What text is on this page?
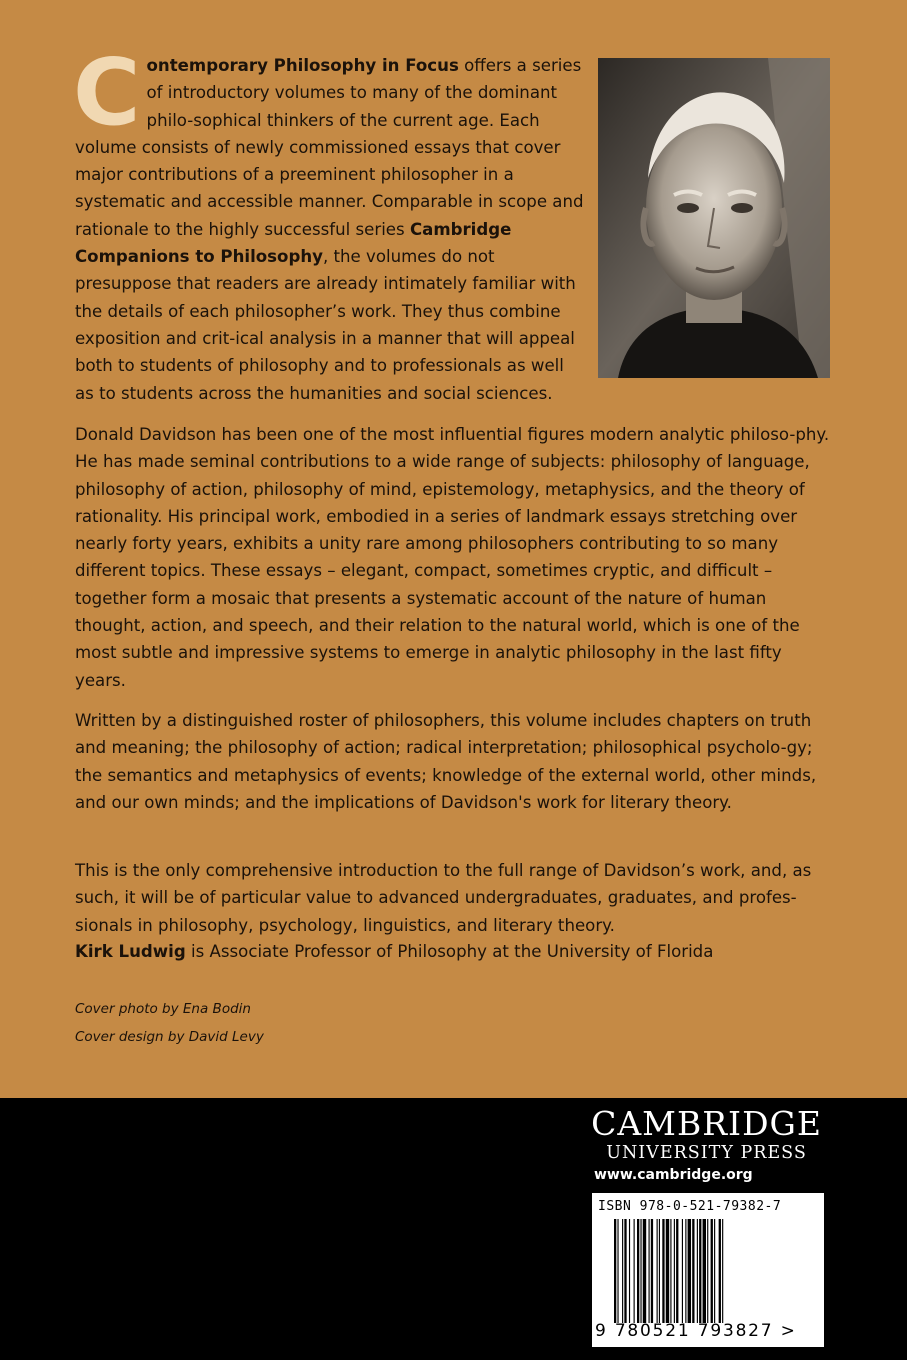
Contemporary Philosophy in Focus offers a series of introductory volumes to many of the dominant philo-sophical thinkers of the current age. Each volume consists of newly commissioned essays that cover major contributions of a preeminent philosopher in a systematic and accessible manner. Comparable in scope and rationale to the highly successful series Cambridge Companions to Philosophy, the volumes do not presuppose that readers are already intimately familiar with the details of each philosopher’s work. They thus combine exposition and crit-ical analysis in a manner that will appeal both to students of philosophy and to professionals as well as to students across the humanities and social sciences.

Donald Davidson has been one of the most influential figures modern analytic philoso-phy. He has made seminal contributions to a wide range of subjects: philosophy of language, philosophy of action, philosophy of mind, epistemology, metaphysics, and the theory of rationality. His principal work, embodied in a series of landmark essays stretching over nearly forty years, exhibits a unity rare among philosophers contributing to so many different topics. These essays – elegant, compact, sometimes cryptic, and difficult – together form a mosaic that presents a systematic account of the nature of human thought, action, and speech, and their relation to the natural world, which is one of the most subtle and impressive systems to emerge in analytic philosophy in the last fifty years.

Written by a distinguished roster of philosophers, this volume includes chapters on truth and meaning; the philosophy of action; radical interpretation; philosophical psycholo-gy; the semantics and metaphysics of events; knowledge of the external world, other minds, and our own minds; and the implications of Davidson's work for literary theory.

This is the only comprehensive introduction to the full range of Davidson’s work, and, as such, it will be of particular value to advanced undergraduates, graduates, and profes-sionals in philosophy, psychology, linguistics, and literary theory.

Kirk Ludwig is Associate Professor of Philosophy at the University of Florida
Cover photo by Ena Bodin
Cover design by David Levy
CAMBRIDGE
UNIVERSITY PRESS
www.cambridge.org
ISBN 978-0-521-79382-7
9 780521 793827 >
